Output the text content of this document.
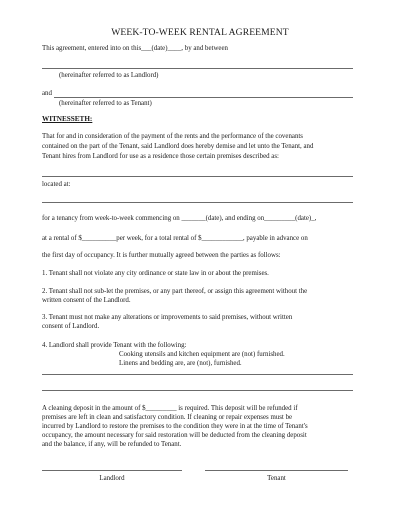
WEEK-TO-WEEK RENTAL AGREEMENT
This agreement, entered into on this___(date)____, by and between
(hereinafter referred to as Landlord)
and
(hereinafter referred to as Tenant)
WITNESSETH:
That for and in consideration of the payment of the rents and the performance of the covenants
contained on the part of the Tenant, said Landlord does hereby demise and let unto the Tenant, and
Tenant hires from Landlord for use as a residence those certain premises described as:
located at:
for a tenancy from week-to-week commencing on _______(date), and ending on_________(date)_,
at a rental of $__________per week, for a total rental of $____________, payable in advance on
the first day of occupancy. It is further mutually agreed between the parties as follows:
1. Tenant shall not violate any city ordinance or state law in or about the premises.
2. Tenant shall not sub-let the premises, or any part thereof, or assign this agreement without the
written consent of the Landlord.
3. Tenant must not make any alterations or improvements to said premises, without written
consent of Landlord.
4. Landlord shall provide Tenant with the following:
Cooking utensils and kitchen equipment are (not) furnished.
Linens and bedding are, are (not), furnished.
A cleaning deposit in the amount of $_________ is required. This deposit will be refunded if
premises are left in clean and satisfactory condition. If cleaning or repair expenses must be
incurred by Landlord to restore the premises to the condition they were in at the time of Tenant's
occupancy, the amount necessary for said restoration will be deducted from the cleaning deposit
and the balance, if any, will be refunded to Tenant.
Landlord	Tenant
